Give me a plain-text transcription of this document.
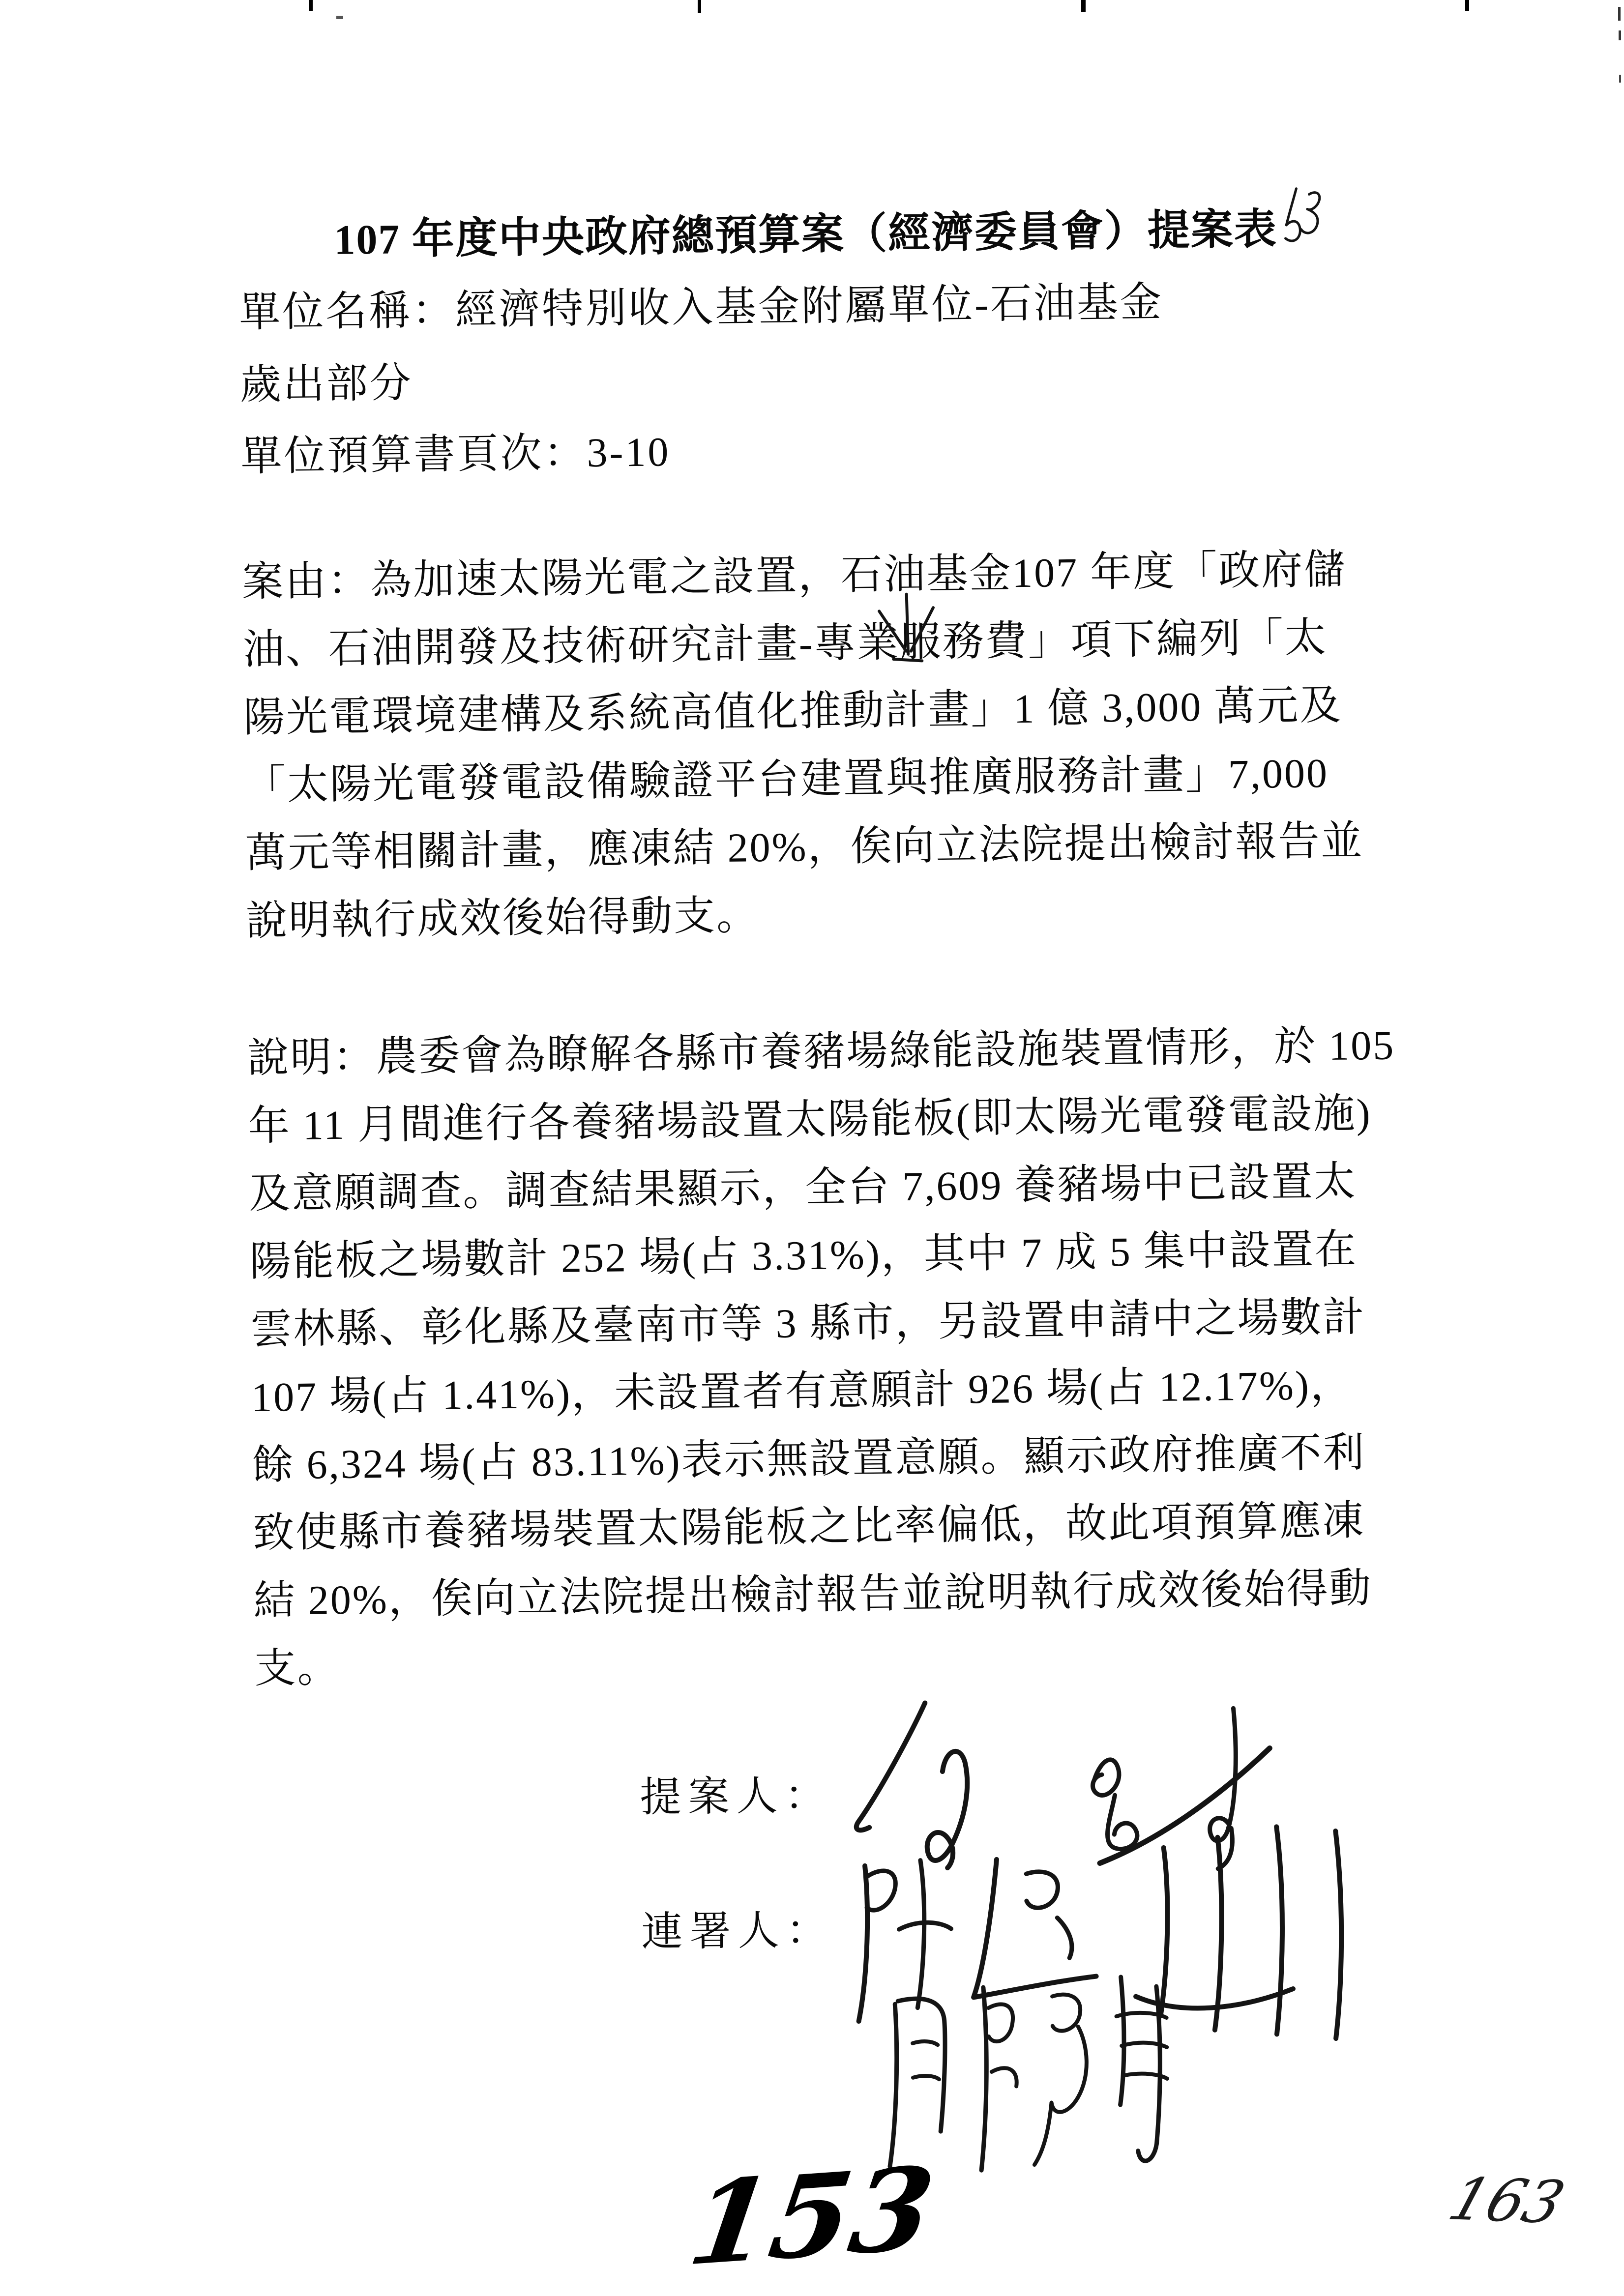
107 年度中央政府總預算案（經濟委員會）提案表
單位名稱：經濟特別收入基金附屬單位-石油基金
歲出部分
單位預算書頁次：3-10
案由：為加速太陽光電之設置，石油基金107 年度「政府儲
油、石油開發及技術研究計畫-專業服務費」項下編列「太
陽光電環境建構及系統高值化推動計畫」1 億 3,000 萬元及
「太陽光電發電設備驗證平台建置與推廣服務計畫」7,000
萬元等相關計畫，應凍結 20%，俟向立法院提出檢討報告並
說明執行成效後始得動支。
說明：農委會為瞭解各縣市養豬場綠能設施裝置情形，於 105
年 11 月間進行各養豬場設置太陽能板(即太陽光電發電設施)
及意願調查。調查結果顯示，全台 7,609 養豬場中已設置太
陽能板之場數計 252 場(占 3.31%)，其中 7 成 5 集中設置在
雲林縣、彰化縣及臺南市等 3 縣市，另設置申請中之場數計
107 場(占 1.41%)，未設置者有意願計 926 場(占 12.17%)，
餘 6,324 場(占 83.11%)表示無設置意願。顯示政府推廣不利
致使縣市養豬場裝置太陽能板之比率偏低，故此項預算應凍
結 20%，俟向立法院提出檢討報告並說明執行成效後始得動
支。
提案人：
連署人：
153	163
